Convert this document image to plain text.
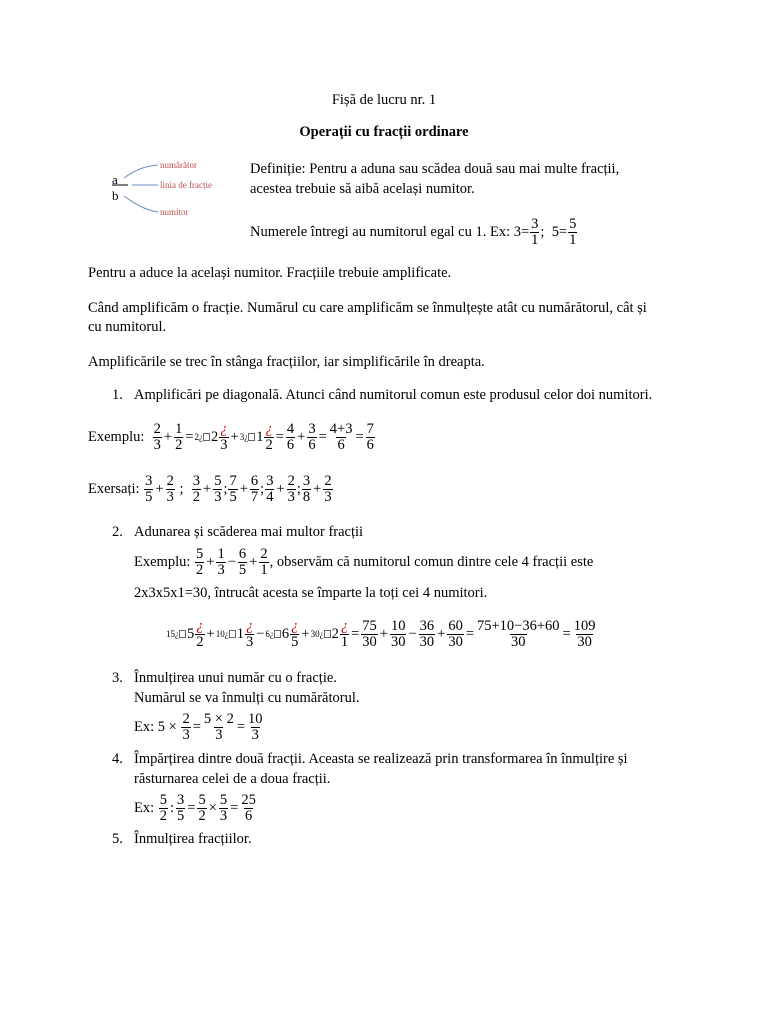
Fișă de lucru nr. 1
Operații cu fracții ordinare
a
b
numărător
linia de fracție
numitor
Definiție: Pentru a aduna sau scădea două sau mai multe fracții,
acestea trebuie să aibă același numitor.
Numerele întregi au numitorul egal cu 1. Ex: $3= \frac{3}{1}$ ;  $5= \frac{5}{1}$
Pentru a aduce la același numitor. Fracțiile trebuie amplificate.
Când amplificăm o fracție. Numărul cu care amplificăm se înmulțește atât cu numărătorul, cât și
cu numitorul.
Amplificările se trec în stânga fracțiilor, iar simplificările în dreapta.
1. Amplificări pe diagonală. Atunci când numitorul comun este produsul celor doi numitori.
Exemplu:
$\frac{2}{3} + \frac{1}{2}$ = 2¿ $2 \frac{¿}{3}$ + 3¿ $1 \frac{¿}{2} = \frac{4}{6} + \frac{3}{6} = \frac{4+3}{6} = \frac{7}{6}$
Exersați:
$\frac{3}{5} + \frac{2}{3}$ ; $\frac{3}{2} + \frac{5}{3}$ ; $\frac{7}{5} + \frac{6}{7}$ ; $\frac{3}{4} + \frac{2}{3}$ ; $\frac{3}{8} + \frac{2}{3}$
2. Adunarea și scăderea mai multor fracții
Exemplu:
$\frac{5}{2} + \frac{1}{3} - \frac{6}{5} + \frac{2}{1}$ , observăm că numitorul comun dintre cele 4 fracții este
2x3x5x1=30, întrucât acesta se împarte la toți cei 4 numitori.
15¿ $5 \frac{¿}{2}$ + 10¿ $1 \frac{¿}{3}$ − 6¿ $6 \frac{¿}{5}$ + 30¿ $2 \frac{¿}{1} = \frac{75}{30} + \frac{10}{30} - \frac{36}{30} + \frac{60}{30} = \frac{75+10-36+60}{30} = \frac{109}{30}$
3. Înmulțirea unui număr cu o fracție.
Numărul se va înmulți cu numărătorul.
Ex: 5 ×
$\frac{2}{3} = \frac{5 \times 2}{3} = \frac{10}{3}$
4. Împărțirea dintre două fracții. Aceasta se realizează prin transformarea în înmulțire și
răsturnarea celei de a doua fracții.
Ex:
$\frac{5}{2}$ : $\frac{3}{5} = \frac{5}{2} \times \frac{5}{3} = \frac{25}{6}$
5. Înmulțirea fracțiilor.
